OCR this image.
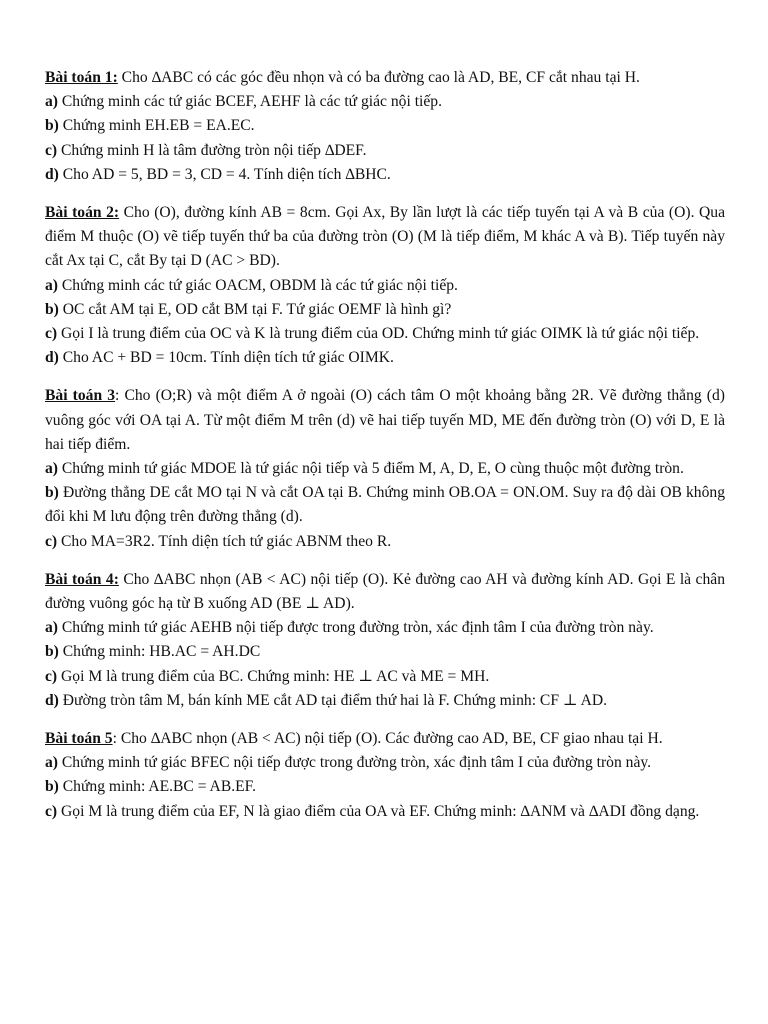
Bài toán 1: Cho ∆ABC có các góc đều nhọn và có ba đường cao là AD, BE, CF cắt nhau tại H.

a) Chứng minh các tứ giác BCEF, AEHF là các tứ giác nội tiếp.

b) Chứng minh EH.EB = EA.EC.

c) Chứng minh H là tâm đường tròn nội tiếp ∆DEF.

d) Cho AD = 5, BD = 3, CD = 4. Tính diện tích ∆BHC.

Bài toán 2: Cho (O), đường kính AB = 8cm. Gọi Ax, By lần lượt là các tiếp tuyến tại A và B của (O). Qua điểm M thuộc (O) vẽ tiếp tuyến thứ ba của đường tròn (O) (M là tiếp điểm, M khác A và B). Tiếp tuyến này cắt Ax tại C, cắt By tại D (AC > BD).

a) Chứng minh các tứ giác OACM, OBDM là các tứ giác nội tiếp.

b) OC cắt AM tại E, OD cắt BM tại F. Tứ giác OEMF là hình gì?

c) Gọi I là trung điểm của OC và K là trung điểm của OD. Chứng minh tứ giác OIMK là tứ giác nội tiếp.

d) Cho AC + BD = 10cm. Tính diện tích tứ giác OIMK.

Bài toán 3: Cho (O;R) và một điểm A ở ngoài (O) cách tâm O một khoảng bằng 2R. Vẽ đường thẳng (d) vuông góc với OA tại A. Từ một điểm M trên (d) vẽ hai tiếp tuyến MD, ME đến đường tròn (O) với D, E là hai tiếp điểm.

a) Chứng minh tứ giác MDOE là tứ giác nội tiếp và 5 điểm M, A, D, E, O cùng thuộc một đường tròn.

b) Đường thẳng DE cắt MO tại N và cắt OA tại B. Chứng minh OB.OA = ON.OM. Suy ra độ dài OB không đổi khi M lưu động trên đường thẳng (d).

c) Cho MA=3R2. Tính diện tích tứ giác ABNM theo R.

Bài toán 4: Cho ∆ABC nhọn (AB < AC) nội tiếp (O). Kẻ đường cao AH và đường kính AD. Gọi E là chân đường vuông góc hạ từ B xuống AD (BE ⊥ AD).

a) Chứng minh tứ giác AEHB nội tiếp được trong đường tròn, xác định tâm I của đường tròn này.

b) Chứng minh: HB.AC = AH.DC

c) Gọi M là trung điểm của BC. Chứng minh: HE ⊥ AC và ME = MH.

d) Đường tròn tâm M, bán kính ME cắt AD tại điểm thứ hai là F. Chứng minh: CF ⊥ AD.

Bài toán 5: Cho ∆ABC nhọn (AB < AC) nội tiếp (O). Các đường cao AD, BE, CF giao nhau tại H.

a) Chứng minh tứ giác BFEC nội tiếp được trong đường tròn, xác định tâm I của đường tròn này.

b) Chứng minh: AE.BC = AB.EF.

c) Gọi M là trung điểm của EF, N là giao điểm của OA và EF. Chứng minh: ∆ANM và ∆ADI đồng dạng.
